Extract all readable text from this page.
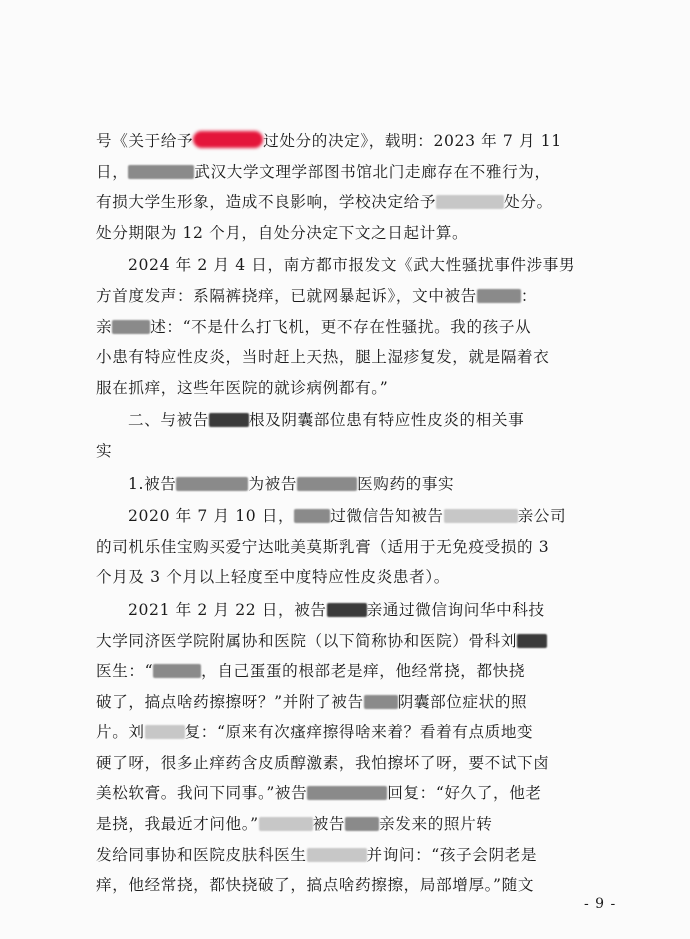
号《关于给予	过处分的决定》，载明：2023 年 7 月 11
日，	武汉大学文理学部图书馆北门走廊存在不雅行为，
有损大学生形象，造成不良影响，学校决定给予	处分。
处分期限为 12 个月，自处分决定下文之日起计算。
2024 年 2 月 4 日，南方都市报发文《武大性骚扰事件涉事男
方首度发声：系隔裤挠痒，已就网暴起诉》，文中被告	：
亲 述：“不是什么打飞机，更不存在性骚扰。我的孩子从
小患有特应性皮炎，当时赶上天热，腿上湿疹复发，就是隔着衣
服在抓痒，这些年医院的就诊病例都有。”
二、与被告	根及阴囊部位患有特应性皮炎的相关事
实
1.被告	为被告	医购药的事实
2020 年 7 月 10 日， 过微信告知被告	亲公司
的司机乐佳宝购买爱宁达吡美莫斯乳膏（适用于无免疫受损的 3
个月及 3 个月以上轻度至中度特应性皮炎患者）。
2021 年 2 月 22 日，被告	亲通过微信询问华中科技
大学同济医学院附属协和医院（以下简称协和医院）骨科刘
医生：“	，自己蛋蛋的根部老是痒，他经常挠，都快挠
破了，搞点啥药擦擦呀？”并附了被告 阴囊部位症状的照
片。刘	复：“原来有次瘙痒擦得啥来着？看着有点质地变
硬了呀，很多止痒药含皮质醇激素，我怕擦坏了呀，要不试下卤
美松软膏。我问下同事。”被告	回复：“好久了，他老
是挠，我最近才问他。”	被告 亲发来的照片转
发给同事协和医院皮肤科医生	并询问：“孩子会阴老是
痒，他经常挠，都快挠破了，搞点啥药擦擦，局部增厚。”随文
- 9 -
